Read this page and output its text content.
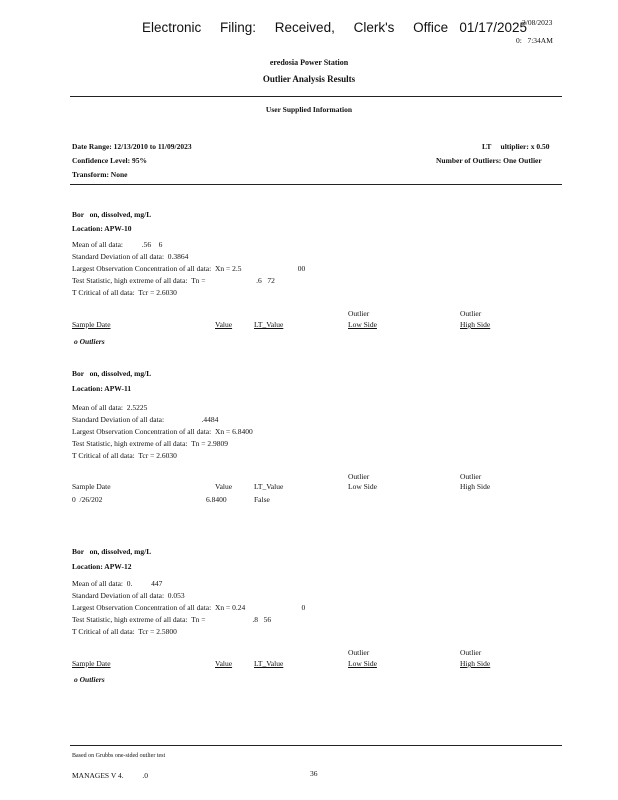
Electronic     Filing:     Received,     Clerk's     Office   01/17/2025
2/08/2023
0:   7:34AM
eredosia Power Station
Outlier Analysis Results
User Supplied Information
Date Range: 12/13/2010 to 11/09/2023
Confidence Level: 95%
Transform: None
LT     ultiplier: x 0.50
Number of Outliers: One Outlier
Bor   on, dissolved, mg/L
Location: APW-10
Mean of all data:          .56    6
Standard Deviation of all data:  0.3864
Largest Observation Concentration of all data:  Xn = 2.5                              00
Test Statistic, high extreme of all data:  Tn =                           .6   72
T Critical of all data:  Tcr = 2.6030
Outlier	Outlier
Sample Date	Value	LT_Value	Low Side	High Side
o Outliers
Bor   on, dissolved, mg/L
Location: APW-11
Mean of all data:  2.5225
Standard Deviation of all data:                    .4484
Largest Observation Concentration of all data:  Xn = 6.8400
Test Statistic, high extreme of all data:  Tn = 2.9809
T Critical of all data:  Tcr = 2.6030
Outlier	Outlier
Sample Date	Value	LT_Value	Low Side	High Side
0  /26/202	6.8400	False
Bor   on, dissolved, mg/L
Location: APW-12
Mean of all data:  0.          447
Standard Deviation of all data:  0.053
Largest Observation Concentration of all data:  Xn = 0.24                              0
Test Statistic, high extreme of all data:  Tn =                         .8   56
T Critical of all data:  Tcr = 2.5800
Outlier	Outlier
Sample Date	Value	LT_Value	Low Side	High Side
o Outliers
Based on Grubbs one-sided outlier test
MANAGES V 4.          .0	36
